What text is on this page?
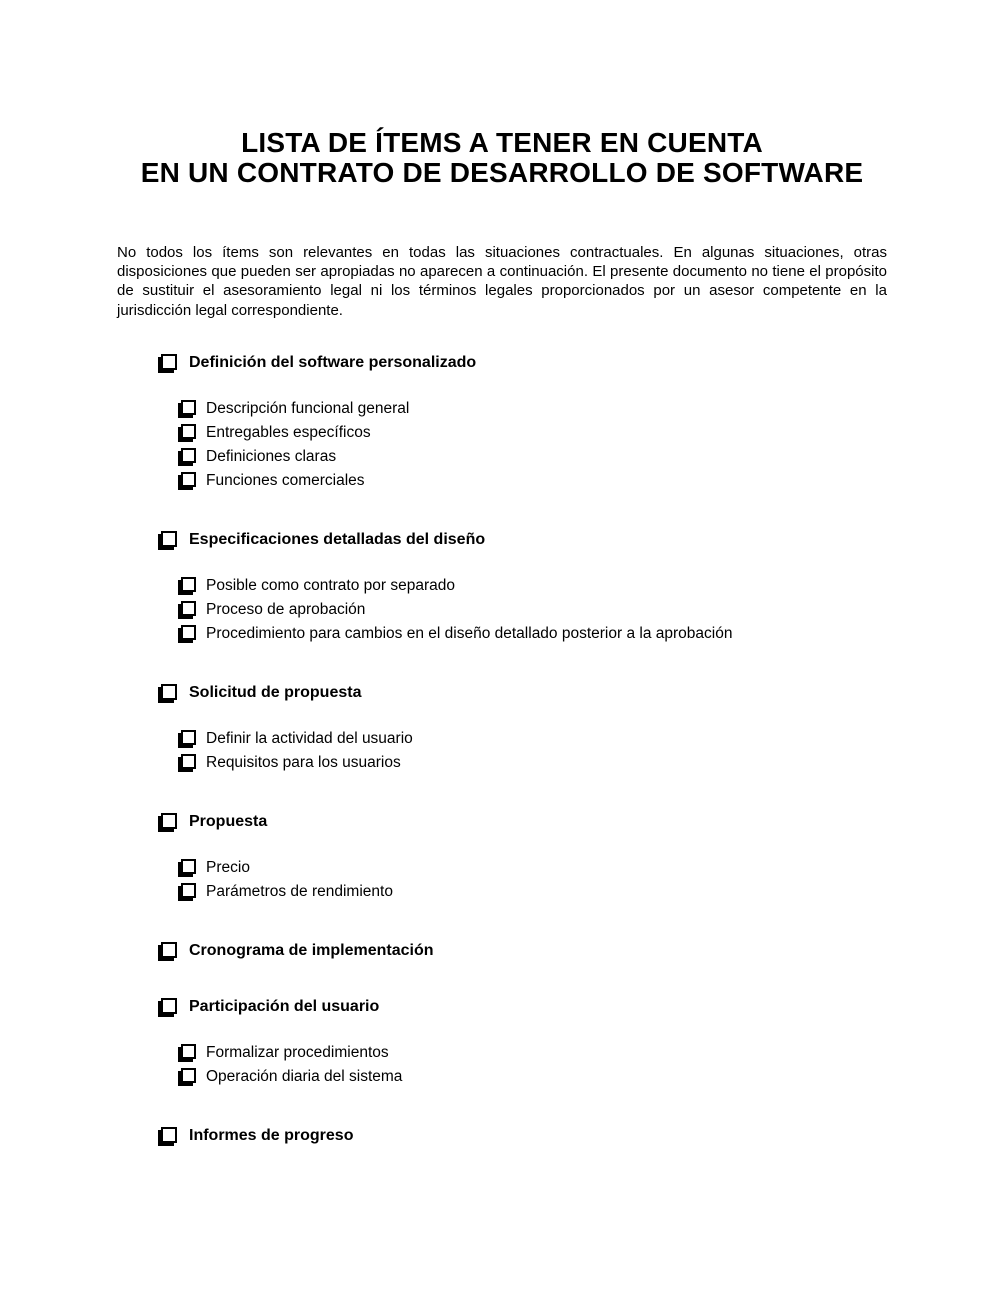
LISTA DE ÍTEMS A TENER EN CUENTA
EN UN CONTRATO DE DESARROLLO DE SOFTWARE

No todos los ítems son relevantes en todas las situaciones contractuales. En algunas situaciones, otras disposiciones que pueden ser apropiadas no aparecen a continuación. El presente documento no tiene el propósito de sustituir el asesoramiento legal ni los términos legales proporcionados por un asesor competente en la jurisdicción legal correspondiente.

Definición del software personalizado
Descripción funcional general
Entregables específicos
Definiciones claras
Funciones comerciales
Especificaciones detalladas del diseño
Posible como contrato por separado
Proceso de aprobación
Procedimiento para cambios en el diseño detallado posterior a la aprobación
Solicitud de propuesta
Definir la actividad del usuario
Requisitos para los usuarios
Propuesta
Precio
Parámetros de rendimiento
Cronograma de implementación
Participación del usuario
Formalizar procedimientos
Operación diaria del sistema
Informes de progreso
